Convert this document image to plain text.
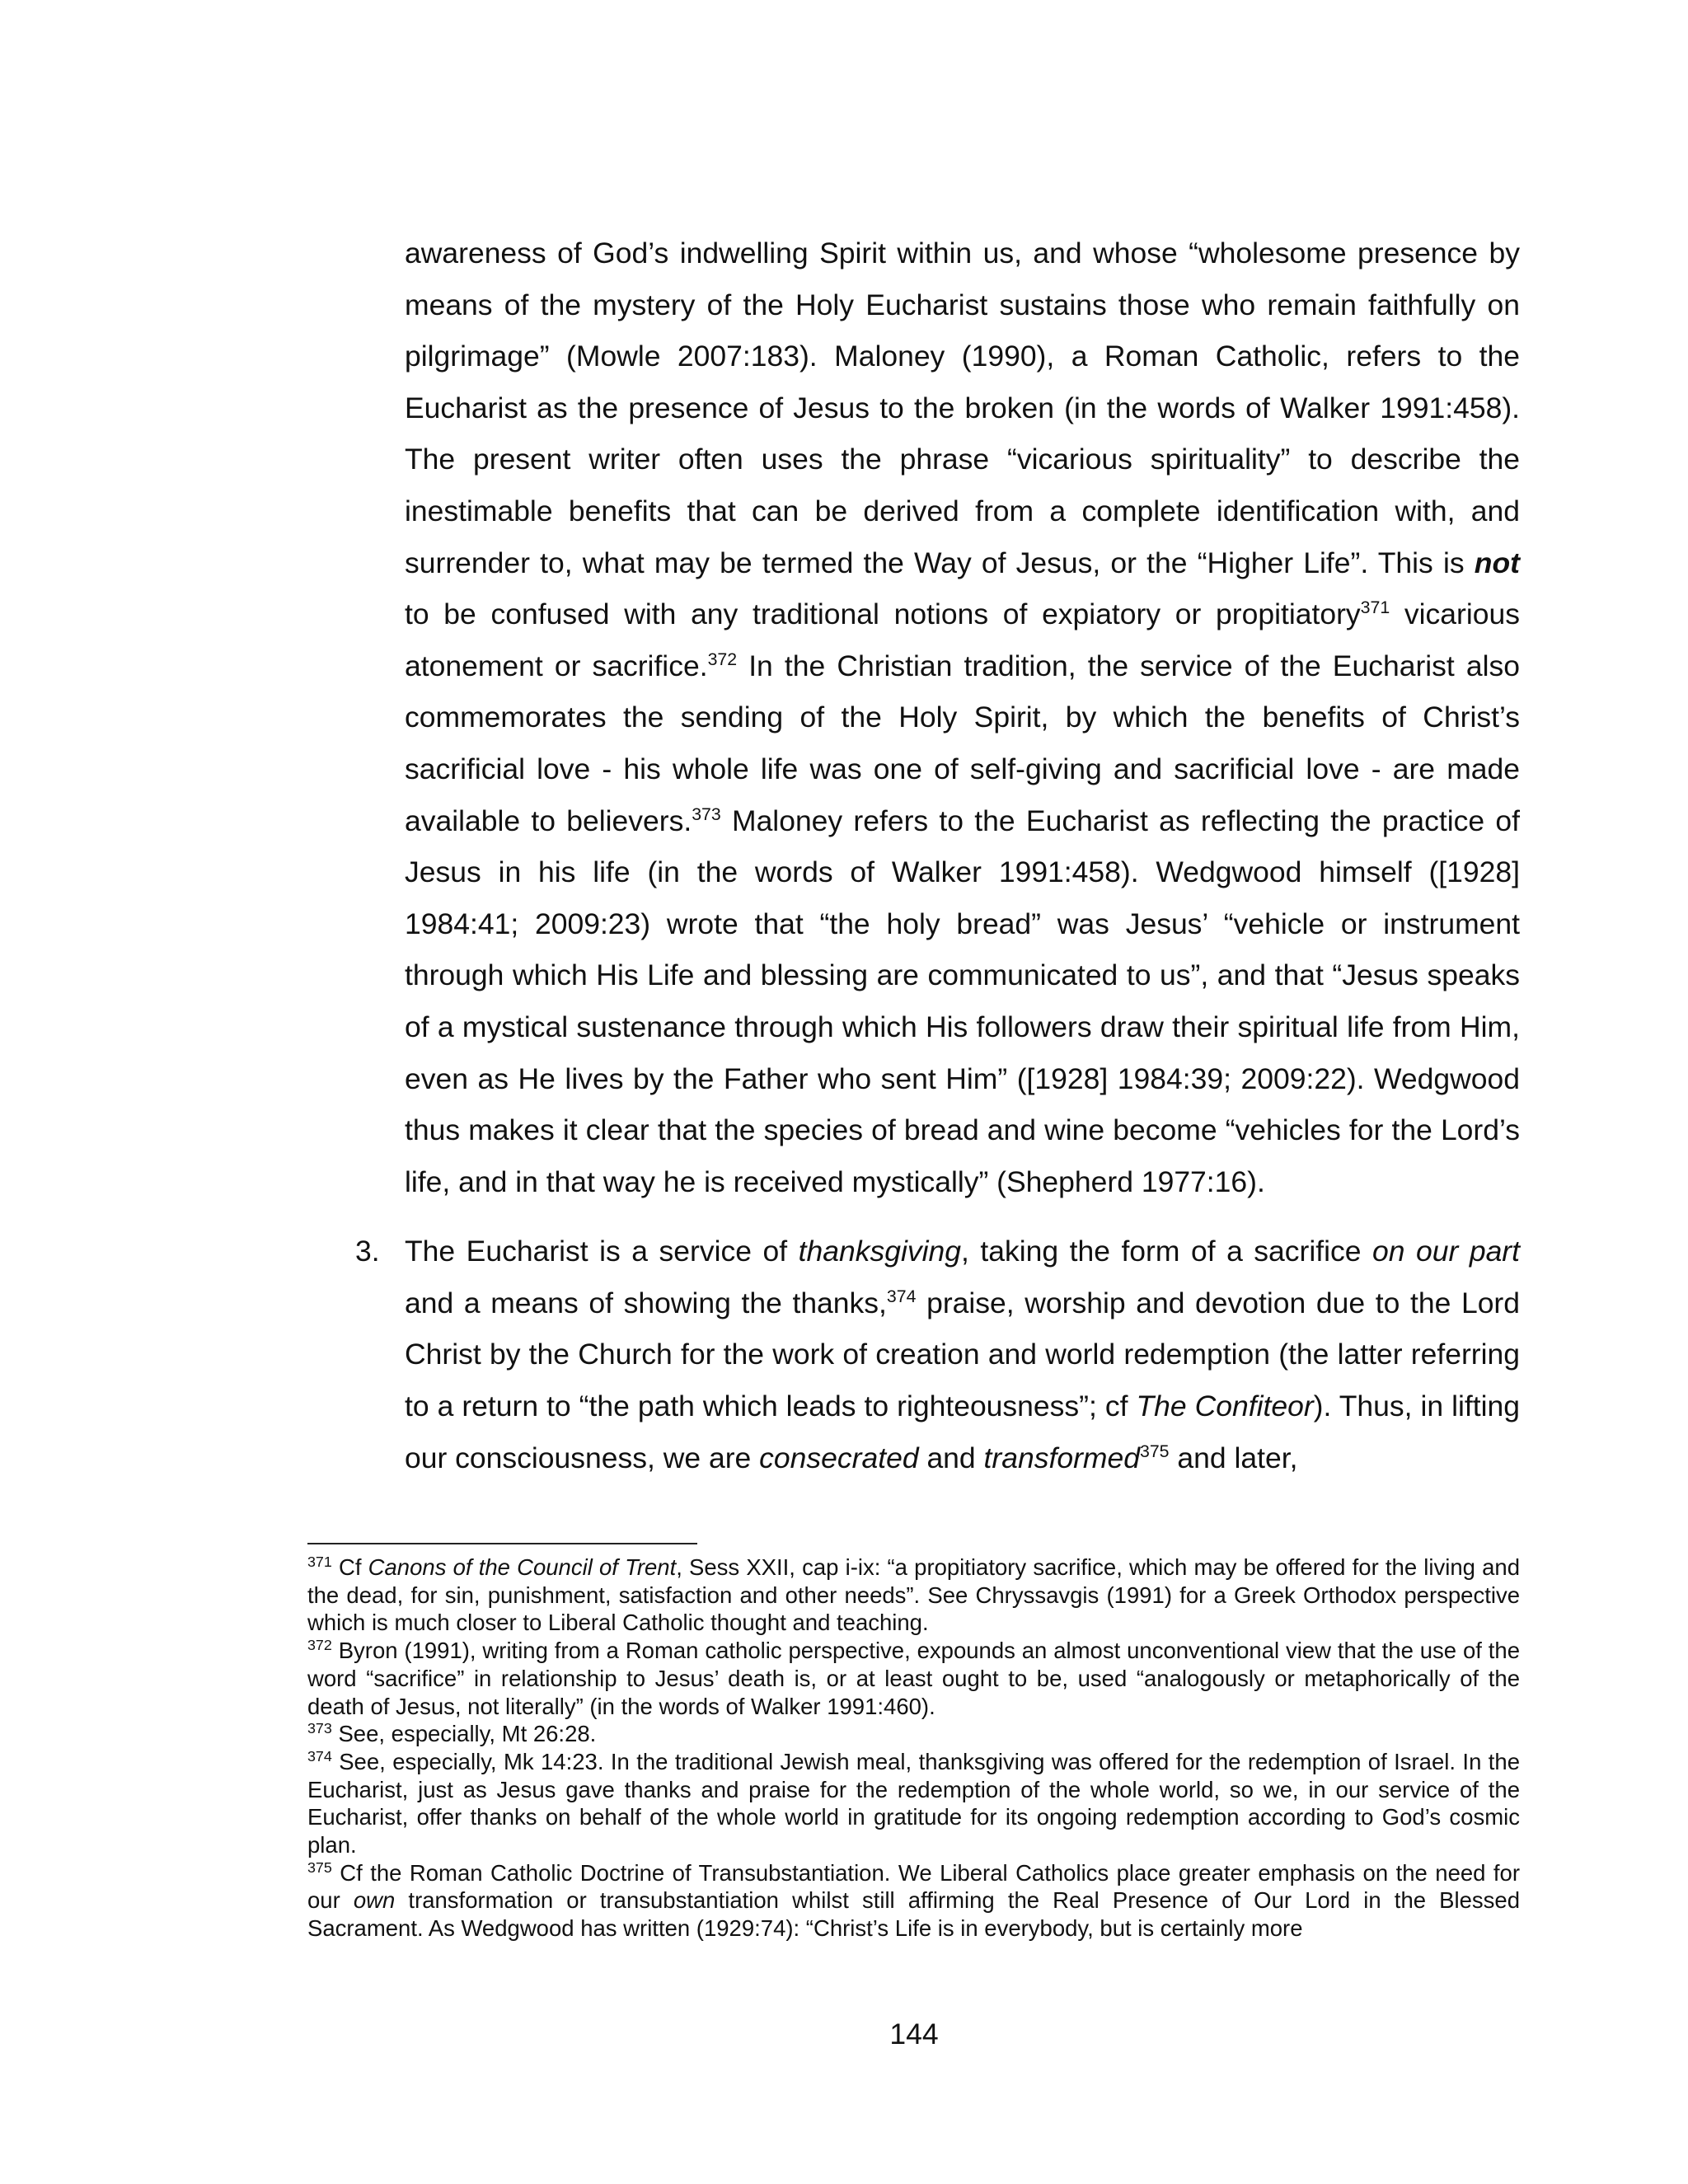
awareness of God’s indwelling Spirit within us, and whose “wholesome presence by means of the mystery of the Holy Eucharist sustains those who remain faithfully on pilgrimage” (Mowle 2007:183). Maloney (1990), a Roman Catholic, refers to the Eucharist as the presence of Jesus to the broken (in the words of Walker 1991:458). The present writer often uses the phrase “vicarious spirituality” to describe the inestimable benefits that can be derived from a complete identification with, and surrender to, what may be termed the Way of Jesus, or the “Higher Life”. This is not to be confused with any traditional notions of expiatory or propitiatory$^{371}$ vicarious atonement or sacrifice.$^{372}$ In the Christian tradition, the service of the Eucharist also commemorates the sending of the Holy Spirit, by which the benefits of Christ’s sacrificial love - his whole life was one of self-giving and sacrificial love - are made available to believers.$^{373}$ Maloney refers to the Eucharist as reflecting the practice of Jesus in his life (in the words of Walker 1991:458). Wedgwood himself ([1928] 1984:41; 2009:23) wrote that “the holy bread” was Jesus’ “vehicle or instrument through which His Life and blessing are communicated to us”, and that “Jesus speaks of a mystical sustenance through which His followers draw their spiritual life from Him, even as He lives by the Father who sent Him” ([1928] 1984:39; 2009:22). Wedgwood thus makes it clear that the species of bread and wine become “vehicles for the Lord’s life, and in that way he is received mystically” (Shepherd 1977:16).

3. The Eucharist is a service of thanksgiving, taking the form of a sacrifice on our part and a means of showing the thanks,$^{374}$ praise, worship and devotion due to the Lord Christ by the Church for the work of creation and world redemption (the latter referring to a return to “the path which leads to righteousness”; cf The Confiteor). Thus, in lifting our consciousness, we are consecrated and transformed$^{375}$ and later,

$^{371}$ Cf Canons of the Council of Trent, Sess XXII, cap i-ix: “a propitiatory sacrifice, which may be offered for the living and the dead, for sin, punishment, satisfaction and other needs”. See Chryssavgis (1991) for a Greek Orthodox perspective which is much closer to Liberal Catholic thought and teaching.

$^{372}$ Byron (1991), writing from a Roman catholic perspective, expounds an almost unconventional view that the use of the word “sacrifice” in relationship to Jesus’ death is, or at least ought to be, used “analogously or metaphorically of the death of Jesus, not literally” (in the words of Walker 1991:460).

$^{373}$ See, especially, Mt 26:28.

$^{374}$ See, especially, Mk 14:23. In the traditional Jewish meal, thanksgiving was offered for the redemption of Israel. In the Eucharist, just as Jesus gave thanks and praise for the redemption of the whole world, so we, in our service of the Eucharist, offer thanks on behalf of the whole world in gratitude for its ongoing redemption according to God’s cosmic plan.

$^{375}$ Cf the Roman Catholic Doctrine of Transubstantiation. We Liberal Catholics place greater emphasis on the need for our own transformation or transubstantiation whilst still affirming the Real Presence of Our Lord in the Blessed Sacrament. As Wedgwood has written (1929:74): “Christ’s Life is in everybody, but is certainly more

144
